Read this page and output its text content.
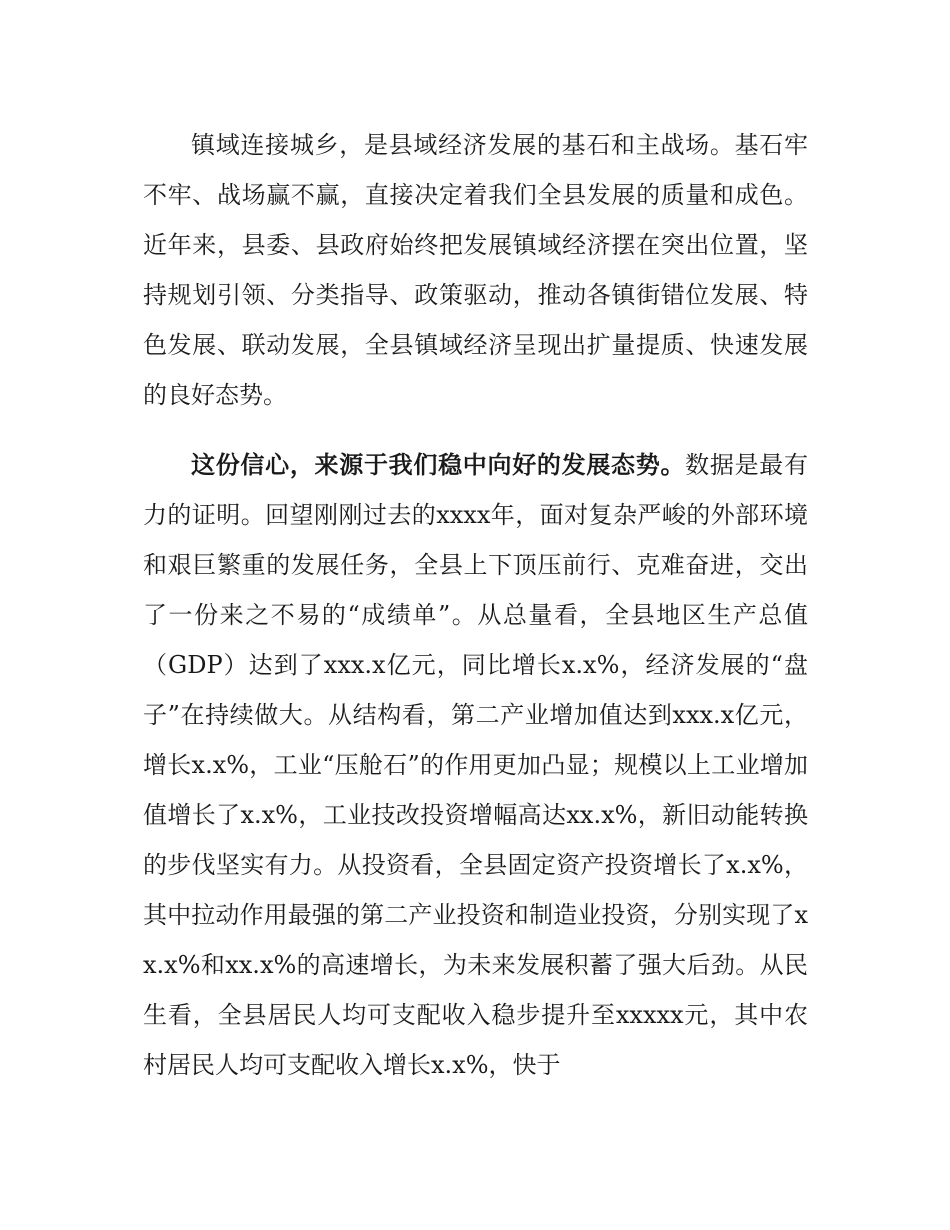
镇域连接城乡，是县域经济发展的基石和主战场。基石牢不牢、战场赢不赢，直接决定着我们全县发展的质量和成色。近年来，县委、县政府始终把发展镇域经济摆在突出位置，坚持规划引领、分类指导、政策驱动，推动各镇街错位发展、特色发展、联动发展，全县镇域经济呈现出扩量提质、快速发展的良好态势。

这份信心，来源于我们稳中向好的发展态势。数据是最有力的证明。回望刚刚过去的xxxx年，面对复杂严峻的外部环境和艰巨繁重的发展任务，全县上下顶压前行、克难奋进，交出了一份来之不易的“成绩单”。从总量看，全县地区生产总值（GDP）达到了xxx.x亿元，同比增长x.x%，经济发展的“盘子”在持续做大。从结构看，第二产业增加值达到xxx.x亿元，增长x.x%，工业“压舱石”的作用更加凸显；规模以上工业增加值增长了x.x%，工业技改投资增幅高达xx.x%，新旧动能转换的步伐坚实有力。从投资看，全县固定资产投资增长了x.x%，其中拉动作用最强的第二产业投资和制造业投资，分别实现了xx.x%和xx.x%的高速增长，为未来发展积蓄了强大后劲。从民生看，全县居民人均可支配收入稳步提升至xxxxx元，其中农村居民人均可支配收入增长x.x%，快于
